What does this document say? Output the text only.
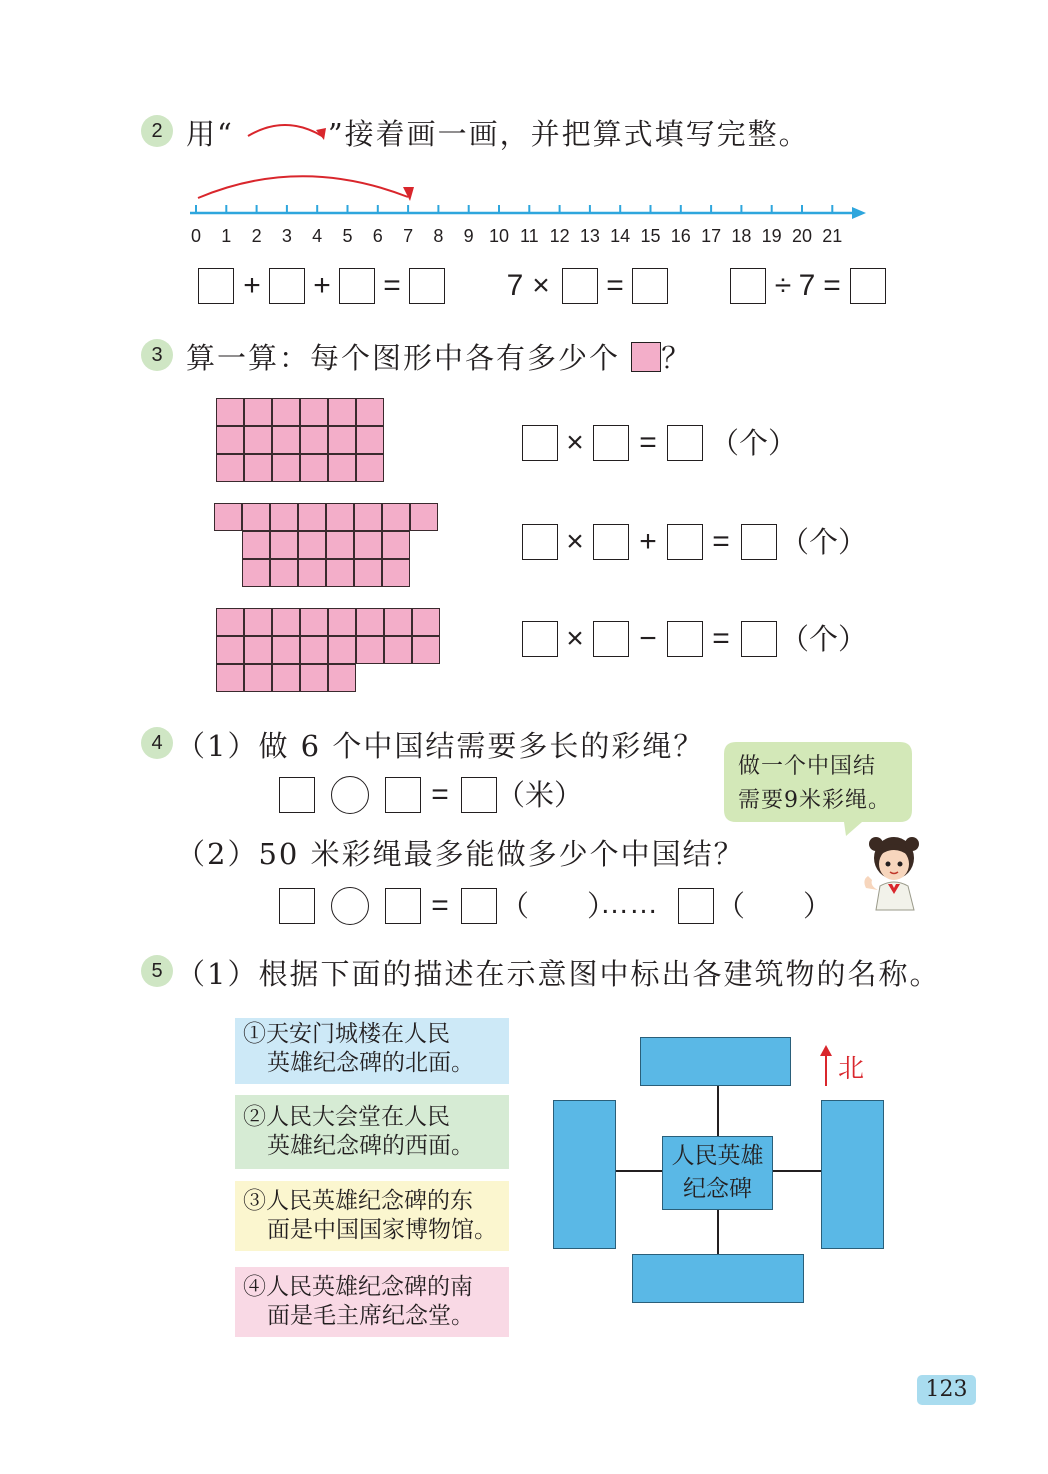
2 用“	”接着画一画，并把算式填写完整。
0 1 2 3 4 5 6 7 8 9 10 11 12 13 14 15 16 17 18 19 20 21
+ + =	7 × =	÷ 7 =
3 算一算：每个图形中各有多少个 ？
× = （个）
× + = （个）
× − = （个）
4 （1）做 6 个中国结需要多长的彩绳？
= （米）
（2）50 米彩绳最多能做多少个中国结？
= （　　）
…… （　　）
做一个中国结
需要9米彩绳。
5 （1）根据下面的描述在示意图中标出各建筑物的名称。
①天安门城楼在人民
英雄纪念碑的北面。
②人民大会堂在人民
英雄纪念碑的西面。
③人民英雄纪念碑的东
面是中国国家博物馆。
④人民英雄纪念碑的南
面是毛主席纪念堂。
人民英雄
纪念碑
北
123
